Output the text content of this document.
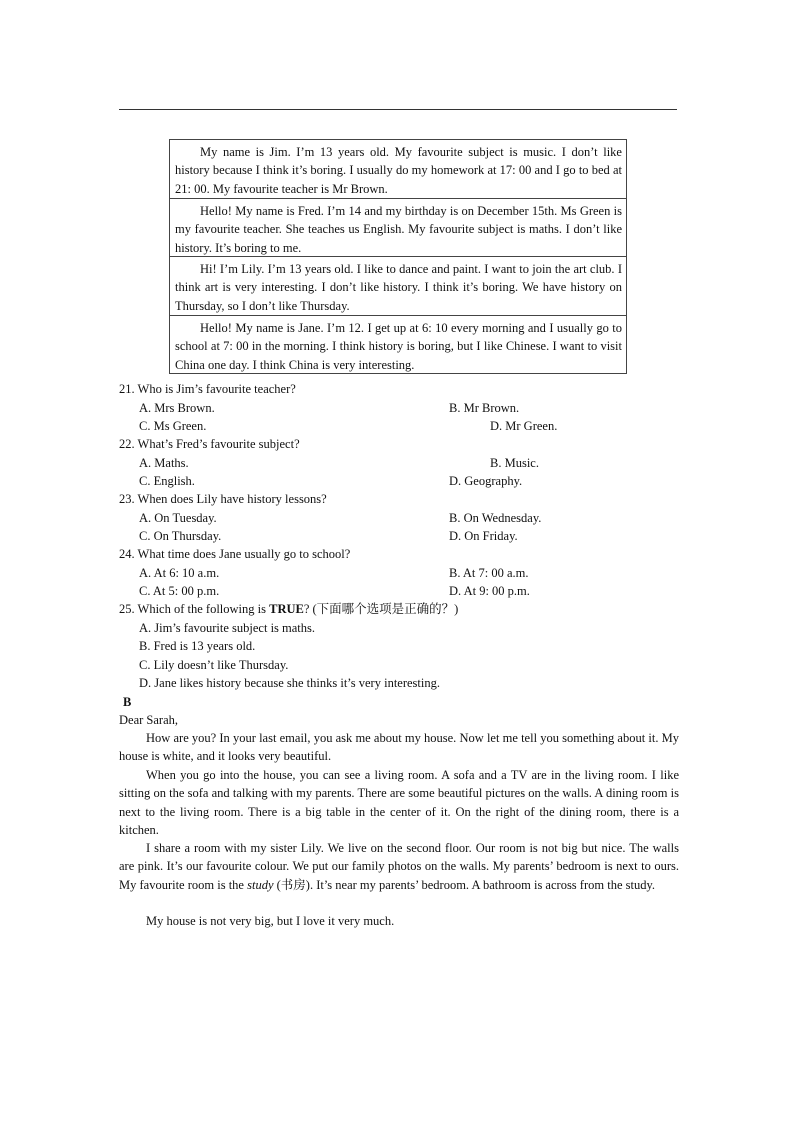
My name is Jim. I’m 13 years old. My favourite subject is music. I don’t like history because I think it’s boring. I usually do my homework at 17: 00 and I go to bed at 21: 00. My favourite teacher is Mr Brown.
Hello! My name is Fred. I’m 14 and my birthday is on December 15th. Ms Green is my favourite teacher. She teaches us English. My favourite subject is maths. I don’t like history. It’s boring to me.
Hi! I’m Lily. I’m 13 years old. I like to dance and paint. I want to join the art club. I think art is very interesting. I don’t like history. I think it’s boring. We have history on Thursday, so I don’t like Thursday.
Hello! My name is Jane. I’m 12. I get up at 6: 10 every morning and I usually go to school at 7: 00 in the morning. I think history is boring, but I like Chinese. I want to visit China one day. I think China is very interesting.
21. Who is Jim’s favourite teacher?
A. Mrs Brown.	B. Mr Brown.
C. Ms Green.	D. Mr Green.
22. What’s Fred’s favourite subject?
A. Maths.	B. Music.
C. English.	D. Geography.
23. When does Lily have history lessons?
A. On Tuesday.	B. On Wednesday.
C. On Thursday.	D. On Friday.
24. What time does Jane usually go to school?
A. At 6: 10 a.m.	B. At 7: 00 a.m.
C. At 5: 00 p.m.	D. At 9: 00 p.m.
25. Which of the following is TRUE? (下面哪个选项是正确的？)
A. Jim’s favourite subject is maths.
B. Fred is 13 years old.
C. Lily doesn’t like Thursday.
D. Jane likes history because she thinks it’s very interesting.
B
Dear Sarah,
How are you? In your last email, you ask me about my house. Now let me tell you something about it. My house is white, and it looks very beautiful.
When you go into the house, you can see a living room. A sofa and a TV are in the living room. I like sitting on the sofa and talking with my parents. There are some beautiful pictures on the walls. A dining room is next to the living room. There is a big table in the center of it. On the right of the dining room, there is a kitchen.
I share a room with my sister Lily. We live on the second floor. Our room is not big but nice. The walls are pink. It’s our favourite colour. We put our family photos on the walls. My parents’ bedroom is next to ours. My favourite room is the study (书房). It’s near my parents’ bedroom. A bathroom is across from the study.
My house is not very big, but I love it very much.
